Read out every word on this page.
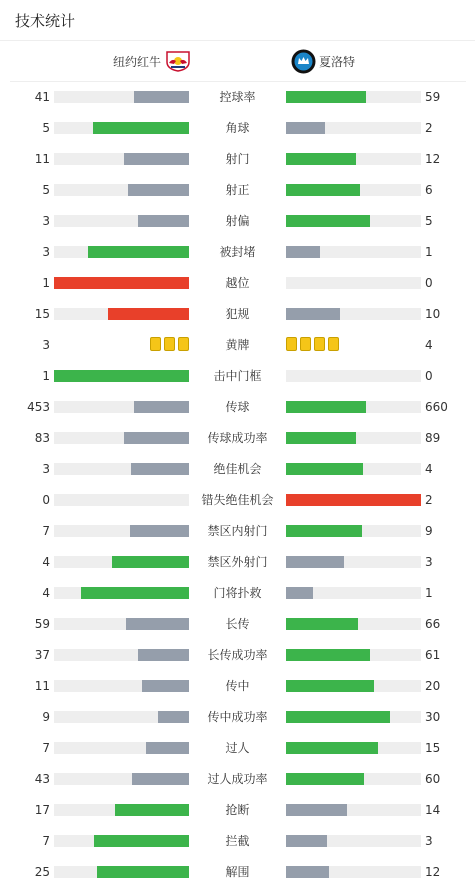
技术统计
纽约红牛	夏洛特
41	控球率	59
5	角球	2
11	射门	12
5	射正	6
3	射偏	5
3	被封堵	1
1	越位	0
15	犯规	10
3	黄牌	4
1	击中门框	0
453	传球	660
83	传球成功率	89
3	绝佳机会	4
0	错失绝佳机会	2
7	禁区内射门	9
4	禁区外射门	3
4	门将扑救	1
59	长传	66
37	长传成功率	61
11	传中	20
9	传中成功率	30
7	过人	15
43	过人成功率	60
17	抢断	14
7	拦截	3
25	解围	12
